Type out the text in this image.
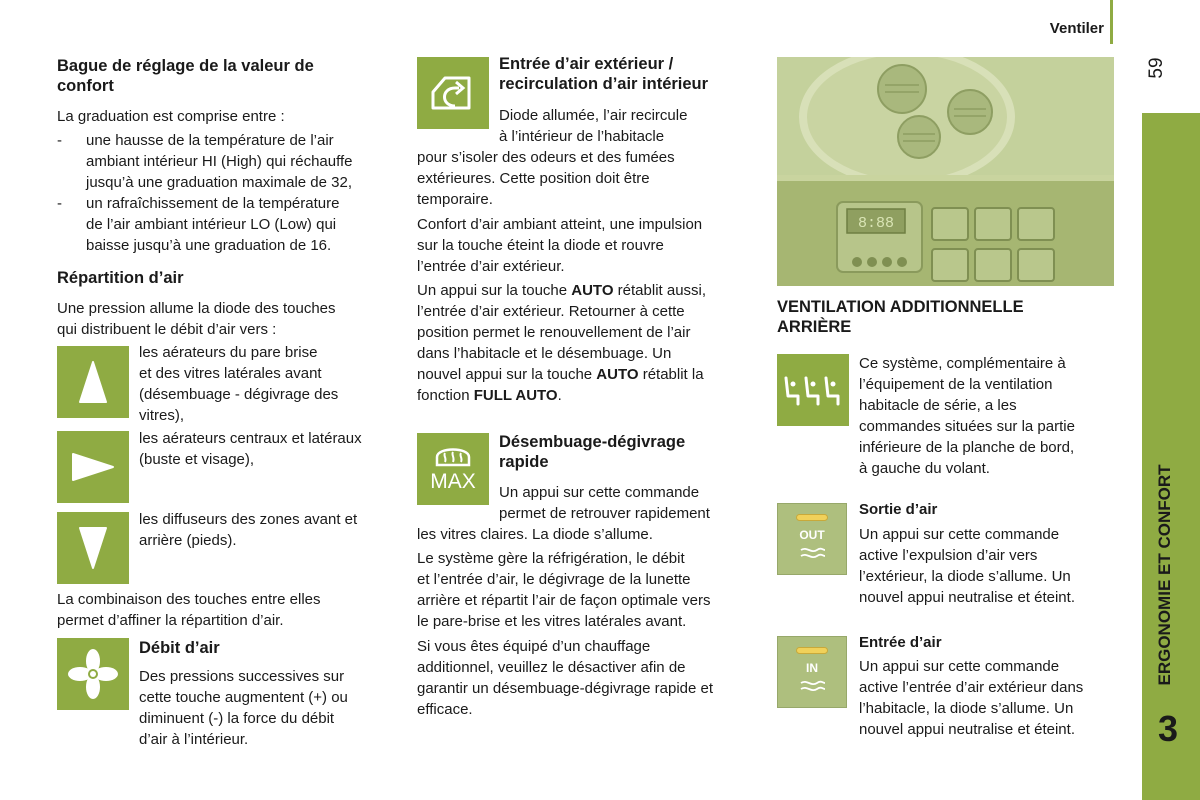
Ventiler
59
ERGONOMIE ET CONFORT
3
Bague de réglage de la valeur de
confort
La graduation est comprise entre :
- une hausse de la température de l’air
ambiant intérieur HI (High) qui réchauffe
jusqu’à une graduation maximale de 32,
- un rafraîchissement de la température
de l’air ambiant intérieur LO (Low) qui
baisse jusqu’à une graduation de 16.
Répartition d’air
Une pression allume la diode des touches
qui distribuent le débit d’air vers :
les aérateurs du pare brise
et des vitres latérales avant
(désembuage - dégivrage des
vitres),
les aérateurs centraux et latéraux
(buste et visage),
les diffuseurs des zones avant et
arrière (pieds).
La combinaison des touches entre elles
permet d’affiner la répartition d’air.
Débit d’air
Des pressions successives sur
cette touche augmentent (+) ou
diminuent (-) la force du débit
d’air à l’intérieur.
Entrée d’air extérieur /
recirculation d’air intérieur
Diode allumée, l’air recircule
à l’intérieur de l’habitacle
pour s’isoler des odeurs et des fumées
extérieures. Cette position doit être
temporaire.
Confort d’air ambiant atteint, une impulsion
sur la touche éteint la diode et rouvre
l’entrée d’air extérieur.
Un appui sur la touche AUTO rétablit aussi,
l’entrée d’air extérieur. Retourner à cette
position permet le renouvellement de l’air
dans l’habitacle et le désembuage. Un
nouvel appui sur la touche AUTO rétablit la
fonction FULL AUTO.
MAX
Désembuage-dégivrage
rapide
Un appui sur cette commande
permet de retrouver rapidement
les vitres claires. La diode s’allume.
Le système gère la réfrigération, le débit
et l’entrée d’air, le dégivrage de la lunette
arrière et répartit l’air de façon optimale vers
le pare-brise et les vitres latérales avant.
Si vous êtes équipé d’un chauffage
additionnel, veuillez le désactiver afin de
garantir un désembuage-dégivrage rapide et
efficace.
8:88
VENTILATION ADDITIONNELLE
ARRIÈRE
Ce système, complémentaire à
l’équipement de la ventilation
habitacle de série, a les
commandes situées sur la partie
inférieure de la planche de bord,
à gauche du volant.
OUT
Sortie d’air
Un appui sur cette commande
active l’expulsion d’air vers
l’extérieur, la diode s’allume. Un
nouvel appui neutralise et éteint.
IN
Entrée d’air
Un appui sur cette commande
active l’entrée d’air extérieur dans
l’habitacle, la diode s’allume. Un
nouvel appui neutralise et éteint.
